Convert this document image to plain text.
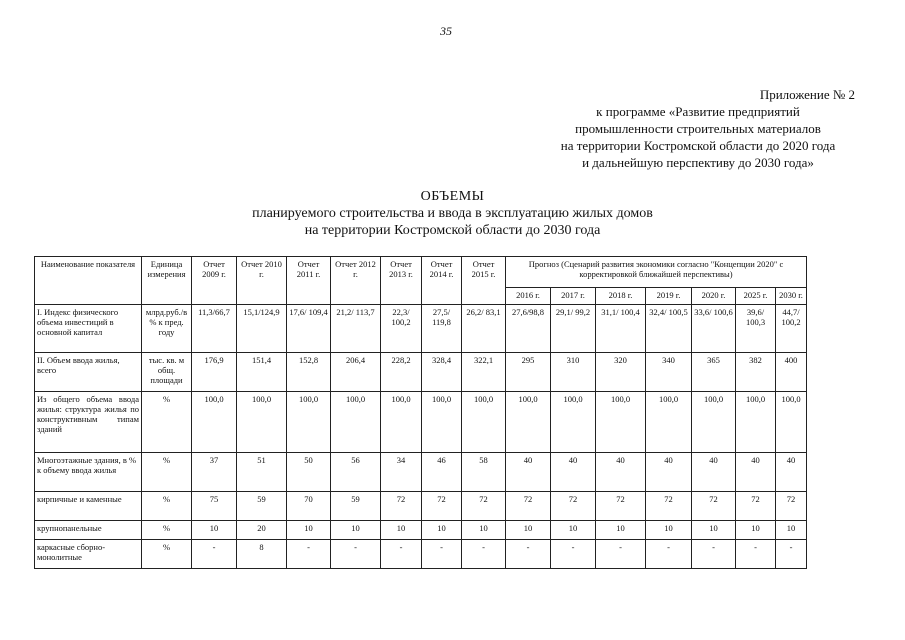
35
Приложение № 2
к программе «Развитие предприятий
промышленности строительных материалов
на территории Костромской области до 2020 года
и дальнейшую перспективу до 2030 года»
ОБЪЕМЫ
планируемого строительства и ввода в эксплуатацию жилых домов
на территории Костромской области до 2030 года
Наименование показателя	Единица измерения	Отчет 2009 г.	Отчет 2010 г.	Отчет 2011 г.	Отчет 2012 г.	Отчет 2013 г.	Отчет 2014 г.	Отчет 2015 г.	Прогноз (Сценарий развития экономики согласно "Концепции 2020" с корректировкой ближайшей перспективы)						
									2016 г.	2017 г.	2018 г.	2019 г.	2020 г.	2025 г.	2030 г.
I. Индекс физического объема инвестиций в основной капитал	млрд.руб./в % к пред. году	11,3/66,7	15,1/124,9	17,6/ 109,4	21,2/ 113,7	22,3/ 100,2	27,5/ 119,8	26,2/ 83,1	27,6/98,8	29,1/ 99,2	31,1/ 100,4	32,4/ 100,5	33,6/ 100,6	39,6/ 100,3	44,7/ 100,2
II. Объем ввода жилья, всего	тыс. кв. м общ. площади	176,9	151,4	152,8	206,4	228,2	328,4	322,1	295	310	320	340	365	382	400
Из общего объема ввода жилья: структура жилья по конструктивным типам зданий	%	100,0	100,0	100,0	100,0	100,0	100,0	100,0	100,0	100,0	100,0	100,0	100,0	100,0	100,0
Многоэтажные здания, в % к объему ввода жилья	%	37	51	50	56	34	46	58	40	40	40	40	40	40	40
кирпичные и каменные	%	75	59	70	59	72	72	72	72	72	72	72	72	72	72
крупнопанельные	%	10	20	10	10	10	10	10	10	10	10	10	10	10	10
каркасные сборно-монолитные	%	-	8	-	-	-	-	-	-	-	-	-	-	-	-
